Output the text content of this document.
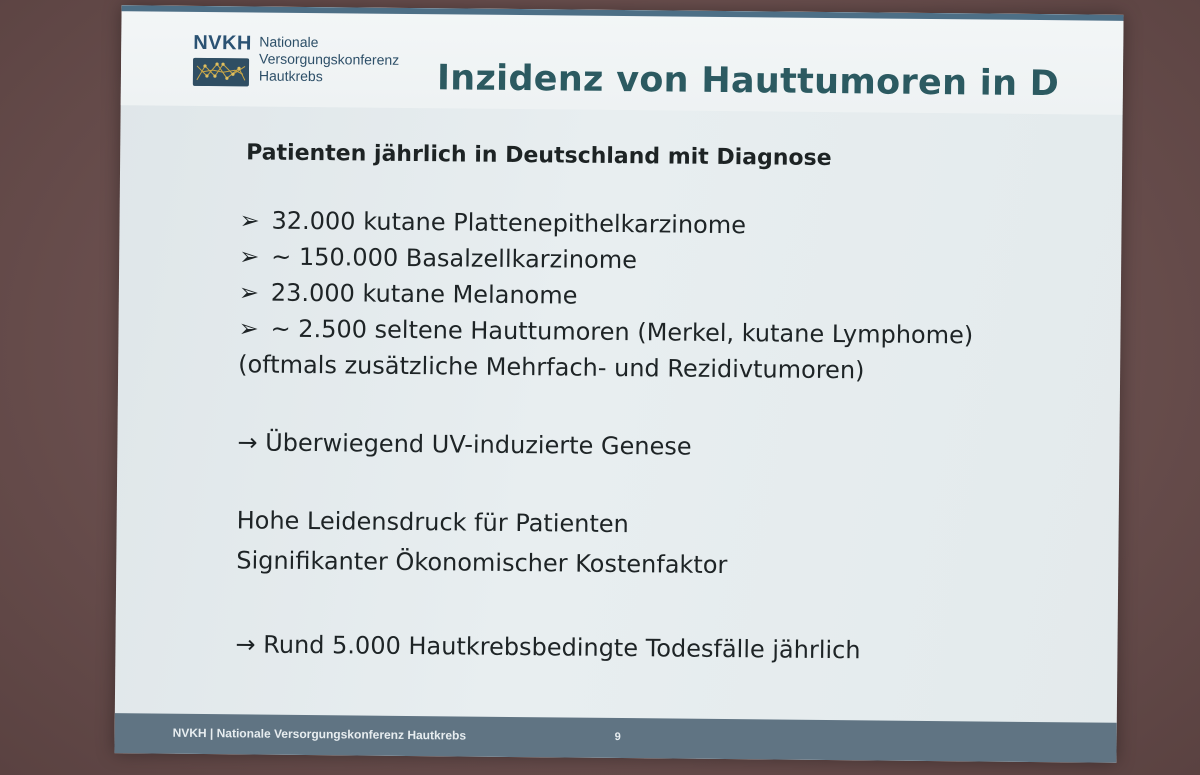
NVKH Nationale
Versorgungskonferenz
Hautkrebs	Inzidenz von Hauttumoren in D
Patienten jährlich in Deutschland mit Diagnose
➢ 32.000 kutane Plattenepithelkarzinome
➢ ~ 150.000 Basalzellkarzinome
➢ 23.000 kutane Melanome
➢ ~ 2.500 seltene Hauttumoren (Merkel, kutane Lymphome)
(oftmals zusätzliche Mehrfach- und Rezidivtumoren)
→ Überwiegend UV-induzierte Genese
Hohe Leidensdruck für Patienten
Signifikanter Ökonomischer Kostenfaktor
→ Rund 5.000 Hautkrebsbedingte Todesfälle jährlich
NVKH | Nationale Versorgungskonferenz Hautkrebs	9
